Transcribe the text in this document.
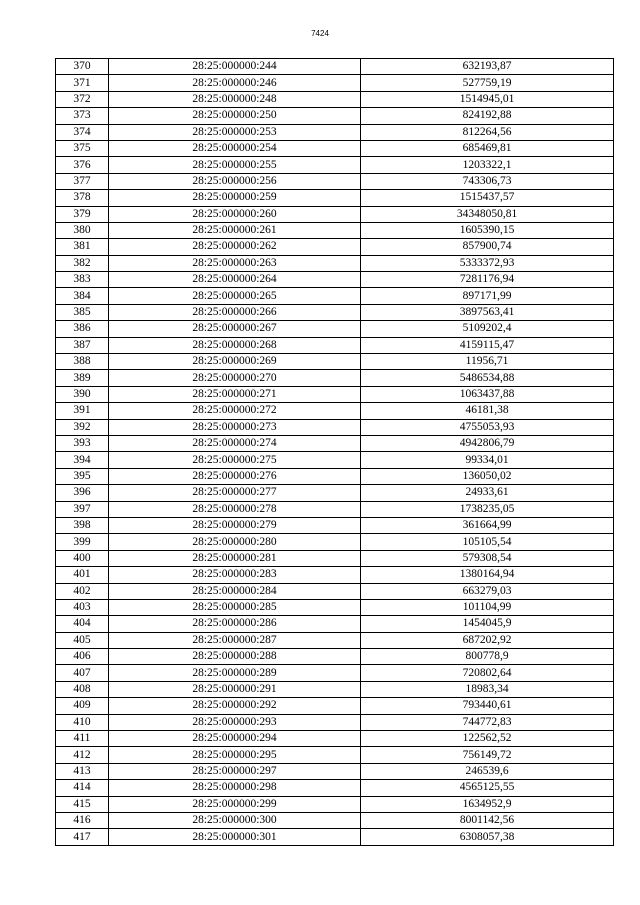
7424
370	28:25:000000:244	632193,87
371	28:25:000000:246	527759,19
372	28:25:000000:248	1514945,01
373	28:25:000000:250	824192,88
374	28:25:000000:253	812264,56
375	28:25:000000:254	685469,81
376	28:25:000000:255	1203322,1
377	28:25:000000:256	743306,73
378	28:25:000000:259	1515437,57
379	28:25:000000:260	34348050,81
380	28:25:000000:261	1605390,15
381	28:25:000000:262	857900,74
382	28:25:000000:263	5333372,93
383	28:25:000000:264	7281176,94
384	28:25:000000:265	897171,99
385	28:25:000000:266	3897563,41
386	28:25:000000:267	5109202,4
387	28:25:000000:268	4159115,47
388	28:25:000000:269	11956,71
389	28:25:000000:270	5486534,88
390	28:25:000000:271	1063437,88
391	28:25:000000:272	46181,38
392	28:25:000000:273	4755053,93
393	28:25:000000:274	4942806,79
394	28:25:000000:275	99334,01
395	28:25:000000:276	136050,02
396	28:25:000000:277	24933,61
397	28:25:000000:278	1738235,05
398	28:25:000000:279	361664,99
399	28:25:000000:280	105105,54
400	28:25:000000:281	579308,54
401	28:25:000000:283	1380164,94
402	28:25:000000:284	663279,03
403	28:25:000000:285	101104,99
404	28:25:000000:286	1454045,9
405	28:25:000000:287	687202,92
406	28:25:000000:288	800778,9
407	28:25:000000:289	720802,64
408	28:25:000000:291	18983,34
409	28:25:000000:292	793440,61
410	28:25:000000:293	744772,83
411	28:25:000000:294	122562,52
412	28:25:000000:295	756149,72
413	28:25:000000:297	246539,6
414	28:25:000000:298	4565125,55
415	28:25:000000:299	1634952,9
416	28:25:000000:300	8001142,56
417	28:25:000000:301	6308057,38
